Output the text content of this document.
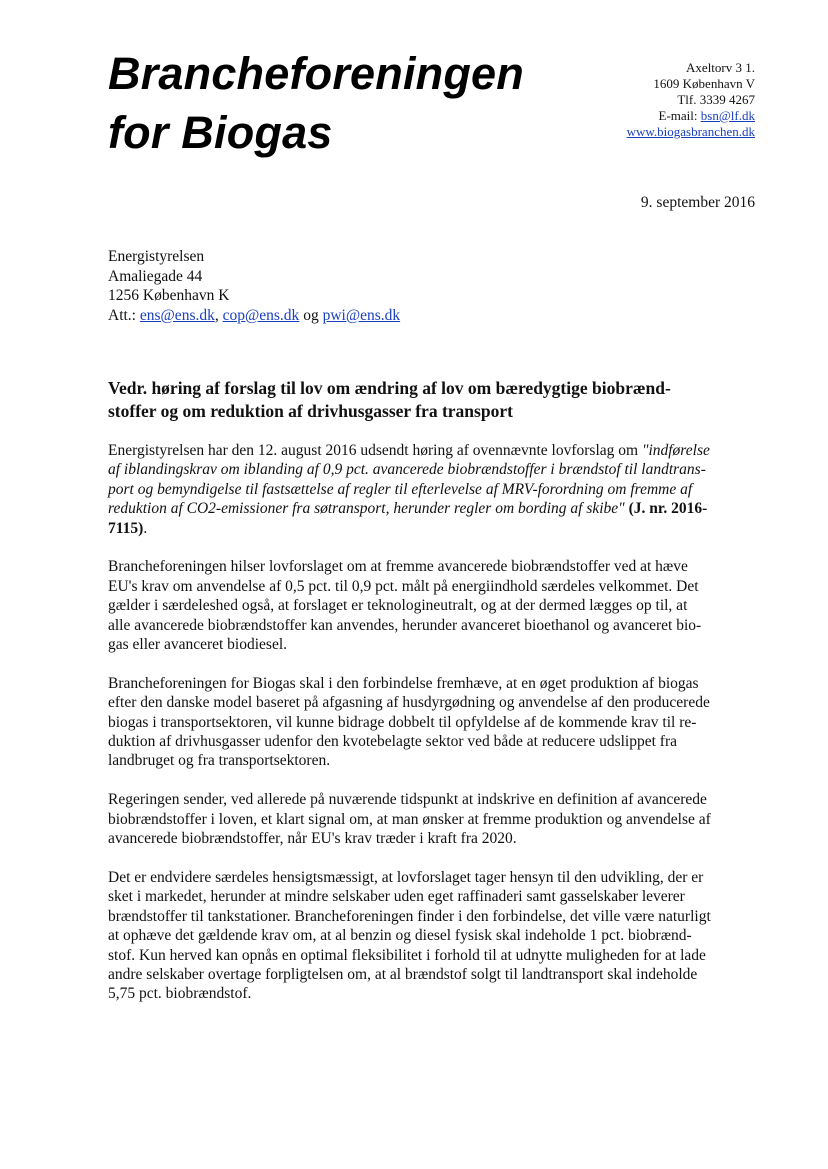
Brancheforeningen
for Biogas
Axeltorv 3 1.
1609 København V
Tlf. 3339 4267
E-mail: bsn@lf.dk
www.biogasbranchen.dk
9. september 2016
Energistyrelsen
Amaliegade 44
1256 København K
Att.: ens@ens.dk, cop@ens.dk og pwi@ens.dk
Vedr. høring af forslag til lov om ændring af lov om bæredygtige biobrænd-
stoffer og om reduktion af drivhusgasser fra transport

Energistyrelsen har den 12. august 2016 udsendt høring af ovennævnte lovforslag om "indførelse
af iblandingskrav om iblanding af 0,9 pct. avancerede biobrændstoffer i brændstof til landtrans-
port og bemyndigelse til fastsættelse af regler til efterlevelse af MRV-forordning om fremme af
reduktion af CO2-emissioner fra søtransport, herunder regler om bording af skibe" (J. nr. 2016-
7115).

Brancheforeningen hilser lovforslaget om at fremme avancerede biobrændstoffer ved at hæve
EU's krav om anvendelse af 0,5 pct. til 0,9 pct. målt på energiindhold særdeles velkommet. Det
gælder i særdeleshed også, at forslaget er teknologineutralt, og at der dermed lægges op til, at
alle avancerede biobrændstoffer kan anvendes, herunder avanceret bioethanol og avanceret bio-
gas eller avanceret biodiesel.

Brancheforeningen for Biogas skal i den forbindelse fremhæve, at en øget produktion af biogas
efter den danske model baseret på afgasning af husdyrgødning og anvendelse af den producerede
biogas i transportsektoren, vil kunne bidrage dobbelt til opfyldelse af de kommende krav til re-
duktion af drivhusgasser udenfor den kvotebelagte sektor ved både at reducere udslippet fra
landbruget og fra transportsektoren.

Regeringen sender, ved allerede på nuværende tidspunkt at indskrive en definition af avancerede
biobrændstoffer i loven, et klart signal om, at man ønsker at fremme produktion og anvendelse af
avancerede biobrændstoffer, når EU's krav træder i kraft fra 2020.

Det er endvidere særdeles hensigtsmæssigt, at lovforslaget tager hensyn til den udvikling, der er
sket i markedet, herunder at mindre selskaber uden eget raffinaderi samt gasselskaber leverer
brændstoffer til tankstationer. Brancheforeningen finder i den forbindelse, det ville være naturligt
at ophæve det gældende krav om, at al benzin og diesel fysisk skal indeholde 1 pct. biobrænd-
stof. Kun herved kan opnås en optimal fleksibilitet i forhold til at udnytte muligheden for at lade
andre selskaber overtage forpligtelsen om, at al brændstof solgt til landtransport skal indeholde
5,75 pct. biobrændstof.
